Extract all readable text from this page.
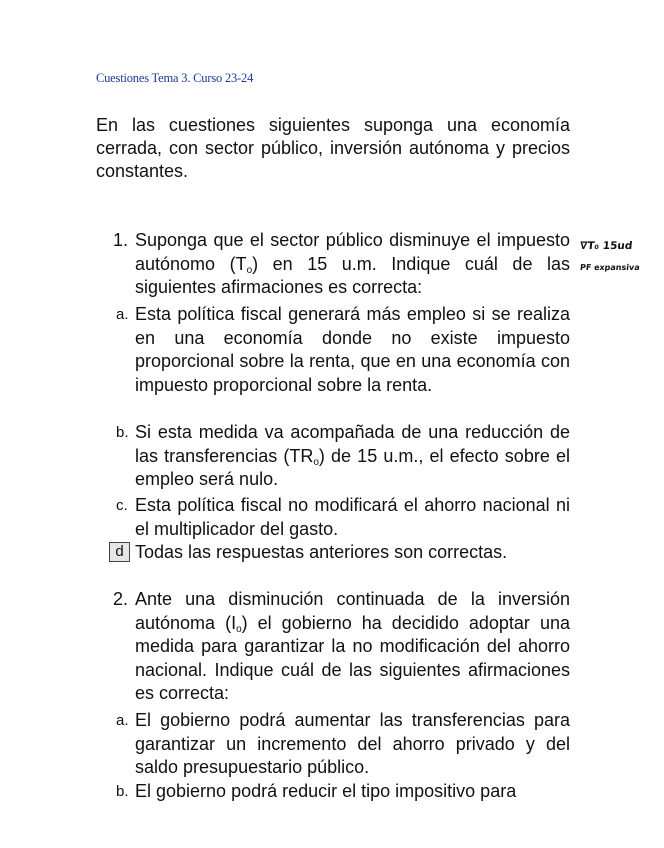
Cuestiones Tema 3. Curso 23-24
En las cuestiones siguientes suponga una economía cerrada, con sector público, inversión autónoma y precios constantes.
∇T₀ 15ud
PF expansiva
1. Suponga que el sector público disminuye el impuesto autónomo $(T_o)$ en 15 u.m. Indique cuál de las siguientes afirmaciones es correcta:
a. Esta política fiscal generará más empleo si se realiza en una economía donde no existe impuesto proporcional sobre la renta, que en una economía con impuesto proporcional sobre la renta.
b. Si esta medida va acompañada de una reducción de las transferencias $(TR_o)$ de 15 u.m., el efecto sobre el empleo será nulo.
c. Esta política fiscal no modificará el ahorro nacional ni el multiplicador del gasto.
d Todas las respuestas anteriores son correctas.
2. Ante una disminución continuada de la inversión autónoma $(I_o)$ el gobierno ha decidido adoptar una medida para garantizar la no modificación del ahorro nacional. Indique cuál de las siguientes afirmaciones es correcta:
a. El gobierno podrá aumentar las transferencias para garantizar un incremento del ahorro privado y del saldo presupuestario público.
b. El gobierno podrá reducir el tipo impositivo para
